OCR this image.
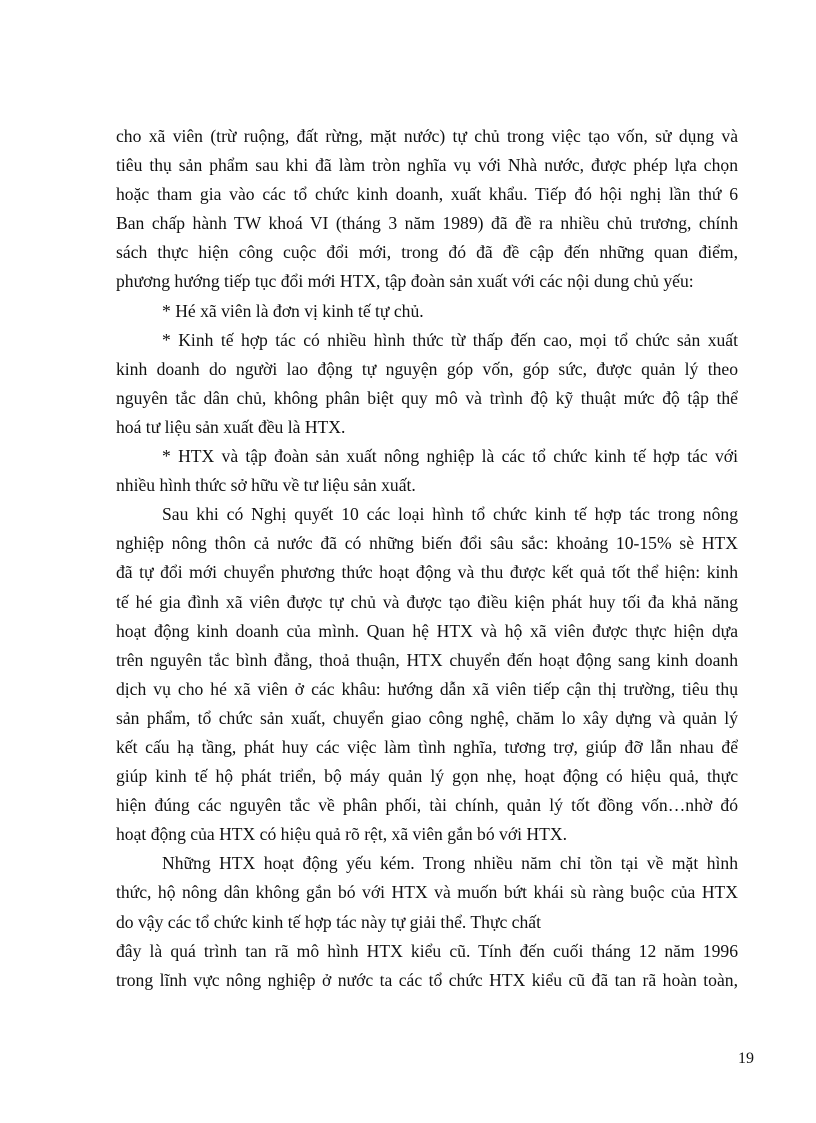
cho xã viên (trừ ruộng, đất rừng, mặt nước) tự chủ trong việc tạo vốn, sử dụng và
tiêu thụ sản phẩm sau khi đã làm tròn nghĩa vụ với Nhà nước, được phép lựa chọn
hoặc tham gia vào các tổ chức kinh doanh, xuất khẩu. Tiếp đó hội nghị lần thứ 6
Ban chấp hành TW khoá VI (tháng 3 năm 1989) đã đề ra nhiều chủ trương, chính
sách thực hiện công cuộc đổi mới, trong đó đã đề cập đến những quan điểm,
phương hướng tiếp tục đổi mới HTX, tập đoàn sản xuất với các nội dung chủ yếu:
* Hé xã viên là đơn vị kinh tế tự chủ.
* Kinh tế hợp tác có nhiều hình thức từ thấp đến cao, mọi tổ chức sản xuất
kinh doanh do người lao động tự nguyện góp vốn, góp sức, được quản lý theo
nguyên tắc dân chủ, không phân biệt quy mô và trình độ kỹ thuật mức độ tập thể
hoá tư liệu sản xuất đều là HTX.
* HTX và tập đoàn sản xuất nông nghiệp là các tổ chức kinh tế hợp tác với
nhiều hình thức sở hữu về tư liệu sản xuất.
Sau khi có Nghị quyết 10 các loại hình tổ chức kinh tế hợp tác trong nông
nghiệp nông thôn cả nước đã có những biến đổi sâu sắc: khoảng 10-15% sè HTX
đã tự đổi mới chuyển phương thức hoạt động và thu được kết quả tốt thể hiện: kinh
tế hé gia đình xã viên được tự chủ và được tạo điều kiện phát huy tối đa khả năng
hoạt động kinh doanh của mình. Quan hệ HTX và hộ xã viên được thực hiện dựa
trên nguyên tắc bình đẳng, thoả thuận, HTX chuyển đến hoạt động sang kinh doanh
dịch vụ cho hé xã viên ở các khâu: hướng dẫn xã viên tiếp cận thị trường, tiêu thụ
sản phẩm, tổ chức sản xuất, chuyển giao công nghệ, chăm lo xây dựng và quản lý
kết cấu hạ tầng, phát huy các việc làm tình nghĩa, tương trợ, giúp đỡ lẫn nhau để
giúp kinh tế hộ phát triển, bộ máy quản lý gọn nhẹ, hoạt động có hiệu quả, thực
hiện đúng các nguyên tắc về phân phối, tài chính, quản lý tốt đồng vốn…nhờ đó
hoạt động của HTX có hiệu quả rõ rệt, xã viên gắn bó với HTX.
Những HTX hoạt động yếu kém. Trong nhiều năm chỉ tồn tại về mặt hình
thức, hộ nông dân không gắn bó với HTX và muốn bứt khái sù ràng buộc của HTX
do vậy các tổ chức kinh tế hợp tác này tự giải thể. Thực chất
đây là quá trình tan rã mô hình HTX kiểu cũ. Tính đến cuối tháng 12 năm 1996
trong lĩnh vực nông nghiệp ở nước ta các tổ chức HTX kiểu cũ đã tan rã hoàn toàn,
19
